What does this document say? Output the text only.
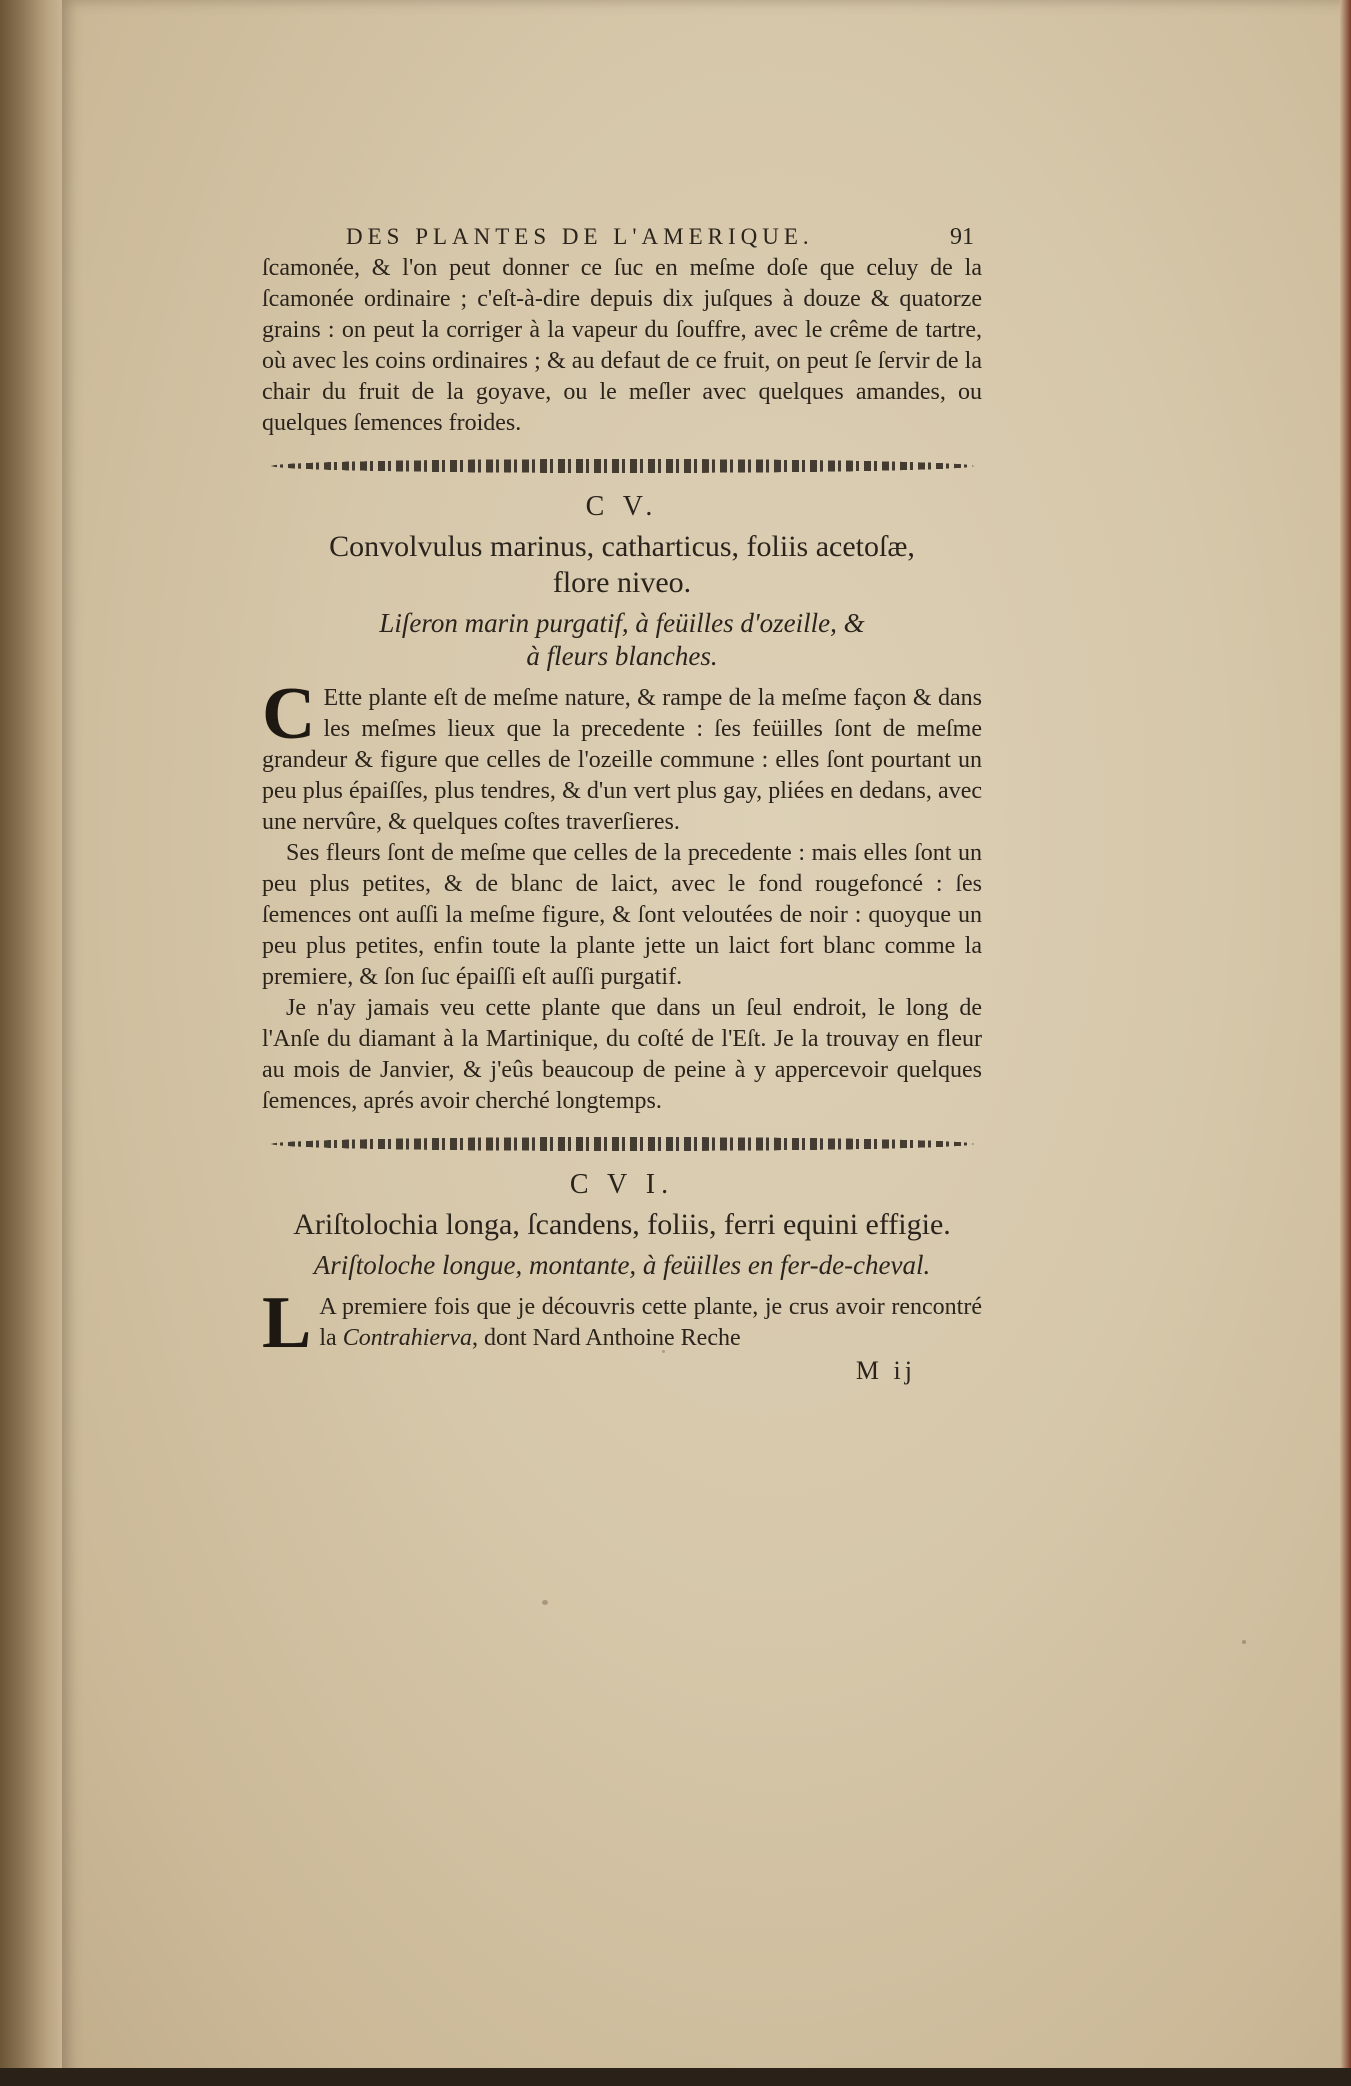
DES PLANTES DE L'AMERIQUE.	91

ſcamonée, & l'on peut donner ce ſuc en meſme doſe que celuy de la ſcamonée ordinaire ; c'eſt-à-dire depuis dix juſques à douze & quatorze grains : on peut la corriger à la vapeur du ſouffre, avec le crême de tartre, où avec les coins ordinaires ; & au defaut de ce fruit, on peut ſe ſervir de la chair du fruit de la goyave, ou le meſler avec quelques amandes, ou quelques ſemences froides.

C V.
Convolvulus marinus, catharticus, foliis acetoſæ,
flore niveo.
Liſeron marin purgatif, à feüilles d'ozeille, &
à fleurs blanches.

C Ette plante eſt de meſme nature, & rampe de la meſme façon & dans les meſmes lieux que la precedente : ſes feüilles ſont de meſme grandeur & figure que celles de l'ozeille commune : elles ſont pourtant un peu plus épaiſſes, plus tendres, & d'un vert plus gay, pliées en dedans, avec une nervûre, & quelques coſtes traverſieres.

Ses fleurs ſont de meſme que celles de la precedente : mais elles ſont un peu plus petites, & de blanc de laict, avec le fond rougefoncé : ſes ſemences ont auſſi la meſme figure, & ſont veloutées de noir : quoyque un peu plus petites, enfin toute la plante jette un laict fort blanc comme la premiere, & ſon ſuc épaiſſi eſt auſſi purgatif.

Je n'ay jamais veu cette plante que dans un ſeul endroit, le long de l'Anſe du diamant à la Martinique, du coſté de l'Eſt. Je la trouvay en fleur au mois de Janvier, & j'eûs beaucoup de peine à y appercevoir quelques ſemences, aprés avoir cherché longtemps.

C V I.
Ariſtolochia longa, ſcandens, foliis, ferri equini effigie.
Ariſtoloche longue, montante, à feüilles en fer-de-cheval.

L A premiere fois que je découvris cette plante, je crus avoir rencontré la Contrahierva, dont Nard Anthoine Reche

M ij
